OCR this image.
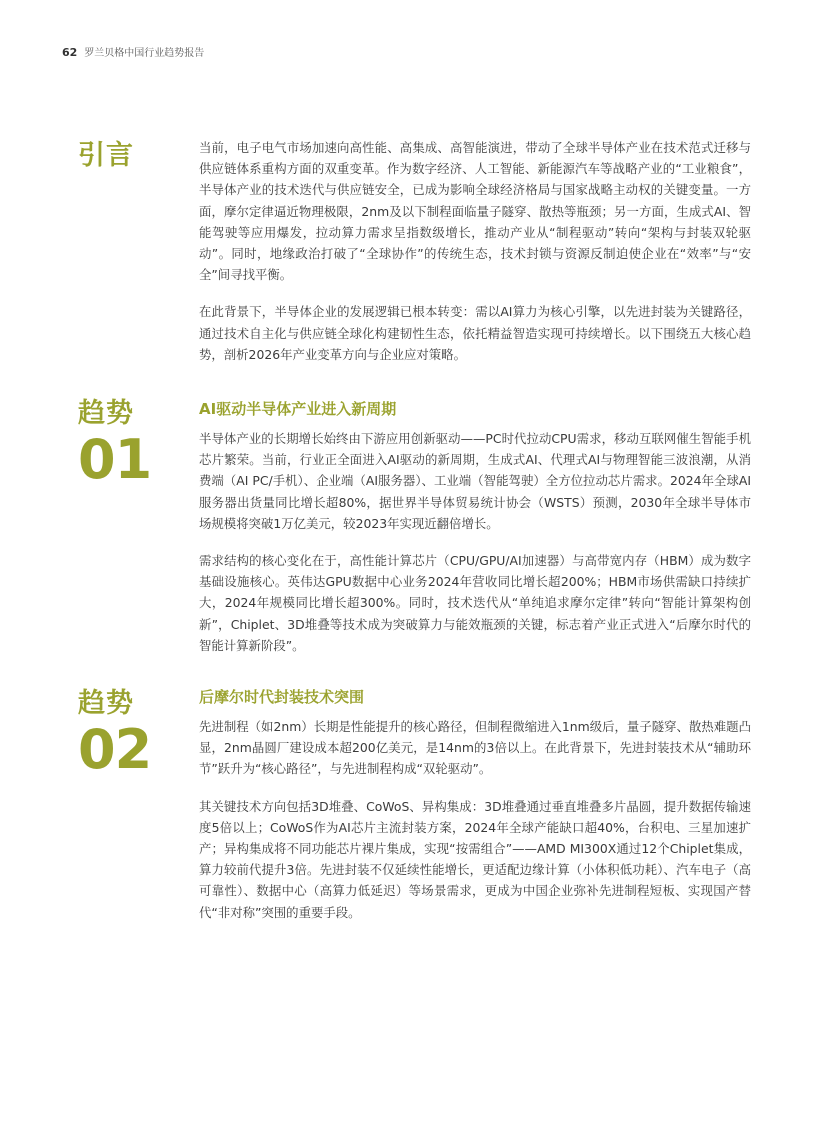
62 罗兰贝格中国行业趋势报告
引言	当前，电子电气市场加速向高性能、高集成、高智能演进，带动了全球半导体产业在技术范式迁移与供应链体系重构方面的双重变革。作为数字经济、人工智能、新能源汽车等战略产业的“工业粮食”，半导体产业的技术迭代与供应链安全，已成为影响全球经济格局与国家战略主动权的关键变量。一方面，摩尔定律逼近物理极限，2nm及以下制程面临量子隧穿、散热等瓶颈；另一方面，生成式AI、智能驾驶等应用爆发，拉动算力需求呈指数级增长，推动产业从“制程驱动”转向“架构与封装双轮驱动”。同时，地缘政治打破了“全球协作”的传统生态，技术封锁与资源反制迫使企业在“效率”与“安全”间寻找平衡。

在此背景下，半导体企业的发展逻辑已根本转变：需以AI算力为核心引擎，以先进封装为关键路径，通过技术自主化与供应链全球化构建韧性生态，依托精益智造实现可持续增长。以下围绕五大核心趋势，剖析2026年产业变革方向与企业应对策略。

趋势
01
AI驱动半导体产业进入新周期

半导体产业的长期增长始终由下游应用创新驱动——PC时代拉动CPU需求，移动互联网催生智能手机芯片繁荣。当前，行业正全面进入AI驱动的新周期，生成式AI、代理式AI与物理智能三波浪潮，从消费端（AI PC/手机）、企业端（AI服务器）、工业端（智能驾驶）全方位拉动芯片需求。2024年全球AI服务器出货量同比增长超80%，据世界半导体贸易统计协会（WSTS）预测，2030年全球半导体市场规模将突破1万亿美元，较2023年实现近翻倍增长。

需求结构的核心变化在于，高性能计算芯片（CPU/GPU/AI加速器）与高带宽内存（HBM）成为数字基础设施核心。英伟达GPU数据中心业务2024年营收同比增长超200%；HBM市场供需缺口持续扩大，2024年规模同比增长超300%。同时，技术迭代从“单纯追求摩尔定律”转向“智能计算架构创新”，Chiplet、3D堆叠等技术成为突破算力与能效瓶颈的关键，标志着产业正式进入“后摩尔时代的智能计算新阶段”。

趋势
02
后摩尔时代封装技术突围

先进制程（如2nm）长期是性能提升的核心路径，但制程微缩进入1nm级后，量子隧穿、散热难题凸显，2nm晶圆厂建设成本超200亿美元，是14nm的3倍以上。在此背景下，先进封装技术从“辅助环节”跃升为“核心路径”，与先进制程构成“双轮驱动”。

其关键技术方向包括3D堆叠、CoWoS、异构集成：3D堆叠通过垂直堆叠多片晶圆，提升数据传输速度5倍以上；CoWoS作为AI芯片主流封装方案，2024年全球产能缺口超40%，台积电、三星加速扩产；异构集成将不同功能芯片裸片集成，实现“按需组合”——AMD MI300X通过12个Chiplet集成，算力较前代提升3倍。先进封装不仅延续性能增长，更适配边缘计算（小体积低功耗）、汽车电子（高可靠性）、数据中心（高算力低延迟）等场景需求，更成为中国企业弥补先进制程短板、实现国产替代“非对称”突围的重要手段。
